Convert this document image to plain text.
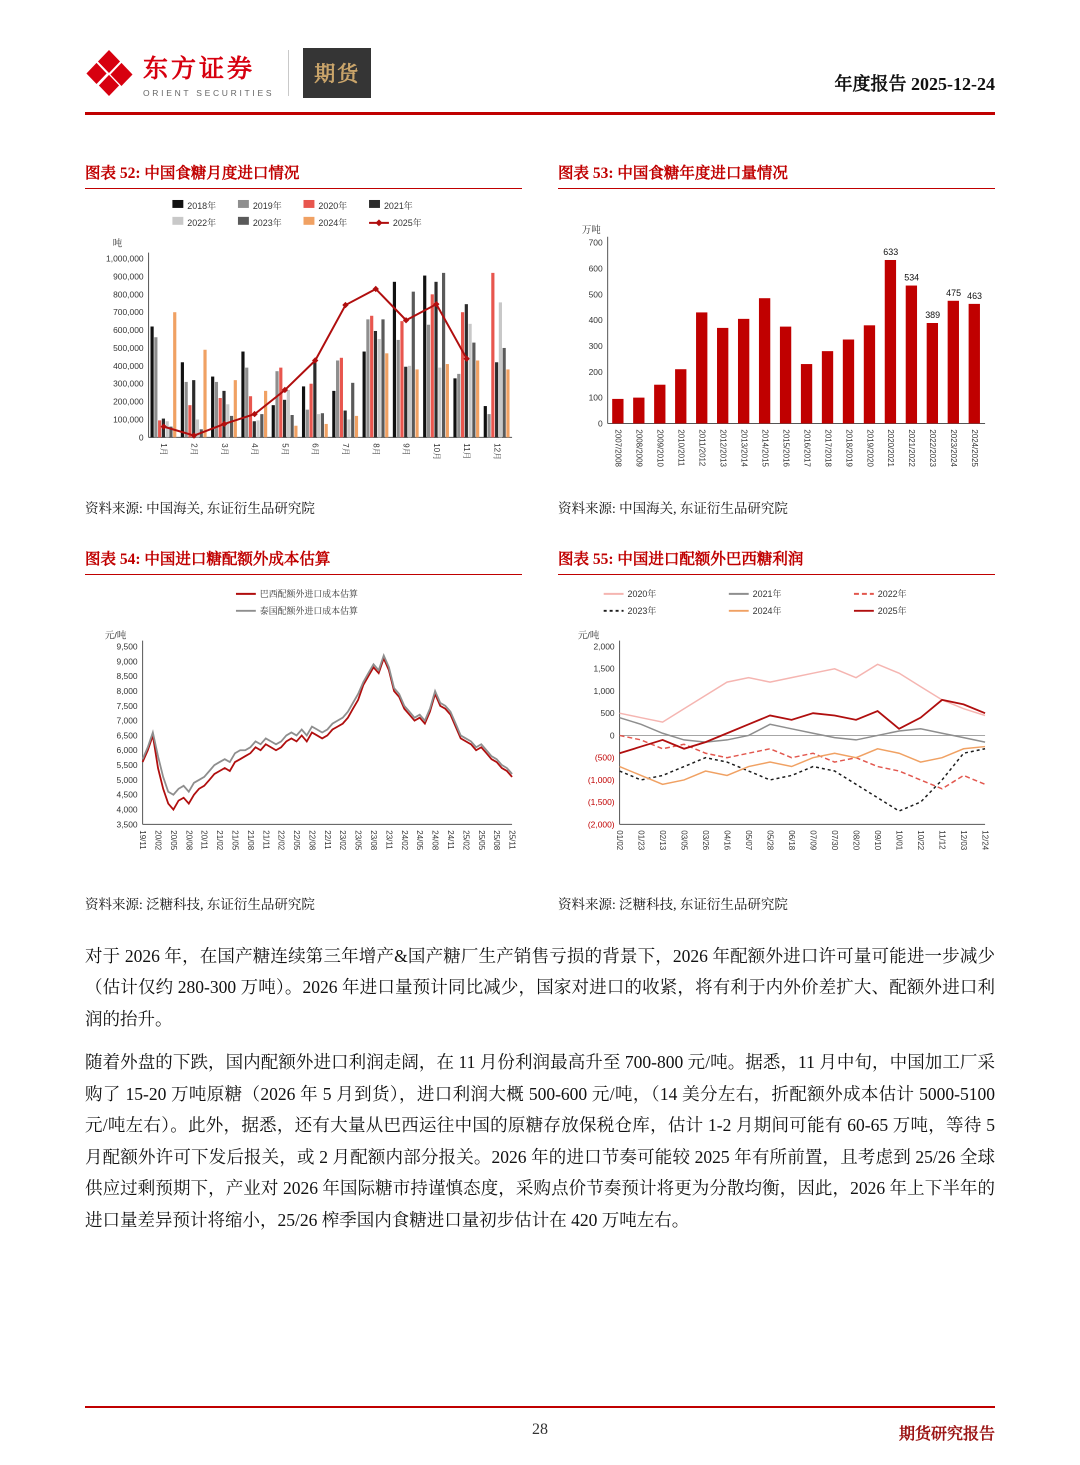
东方证券
ORIENT SECURITIES
期货	年度报告 2025-12-24
图表 52: 中国食糖月度进口情况
2018年	2019年	2020年	2021年
2022年	2023年	2024年	2025年
吨
0
100,000
200,000
300,000
400,000
500,000
600,000
700,000
800,000
900,000
1,000,000
1月	2月	3月	4月	5月	6月	7月	8月	9月	10月	11月	12月
资料来源: 中国海关, 东证衍生品研究院
图表 53: 中国食糖年度进口量情况
万吨
0
100
200
300
400
500
600
700
633
534
389
475 463
2007/2008 2008/2009 2009/2010 2010/2011 2011/2012 2012/2013 2013/2014 2014/2015 2015/2016 2016/2017 2017/2018 2018/2019 2019/2020 2020/2021 2021/2022 2022/2023 2023/2024 2024/2025
资料来源: 中国海关, 东证衍生品研究院
图表 54: 中国进口糖配额外成本估算
巴西配额外进口成本估算
泰国配额外进口成本估算
元/吨
3,500
4,000
4,500
5,000
5,500
6,000
6,500
7,000
7,500
8,000
8,500
9,000
9,500
19/11 20/02 20/05 20/08 20/11 21/02 21/05 21/08 21/11 22/02 22/05 22/08 22/11 23/02 23/05 23/08 23/11 24/02 24/05 24/08 24/11 25/02 25/05 25/08 25/11
资料来源: 泛糖科技, 东证衍生品研究院
图表 55: 中国进口配额外巴西糖利润
2020年	2021年	2022年
2023年	2024年	2025年
元/吨
(2,000)
(1,500)
(1,000)
(500)
0
500
1,000
1,500
2,000
01/02 01/23 02/13 03/05 03/26 04/16 05/07 05/28 06/18 07/09 07/30 08/20 09/10 10/01 10/22 11/12 12/03 12/24
资料来源: 泛糖科技, 东证衍生品研究院

对于 2026 年，在国产糖连续第三年增产&国产糖厂生产销售亏损的背景下，2026 年配额外进口许可量可能进一步减少（估计仅约 280-300 万吨）。2026 年进口量预计同比减少，国家对进口的收紧，将有利于内外价差扩大、配额外进口利润的抬升。

随着外盘的下跌，国内配额外进口利润走阔，在 11 月份利润最高升至 700-800 元/吨。据悉，11 月中旬，中国加工厂采购了 15-20 万吨原糖（2026 年 5 月到货），进口利润大概 500-600 元/吨，（14 美分左右，折配额外成本估计 5000-5100 元/吨左右）。此外，据悉，还有大量从巴西运往中国的原糖存放保税仓库，估计 1-2 月期间可能有 60-65 万吨，等待 5 月配额外许可下发后报关，或 2 月配额内部分报关。2026 年的进口节奏可能较 2025 年有所前置，且考虑到 25/26 全球供应过剩预期下，产业对 2026 年国际糖市持谨慎态度，采购点价节奏预计将更为分散均衡，因此，2026 年上下半年的进口量差异预计将缩小，25/26 榨季国内食糖进口量初步估计在 420 万吨左右。

28	期货研究报告
